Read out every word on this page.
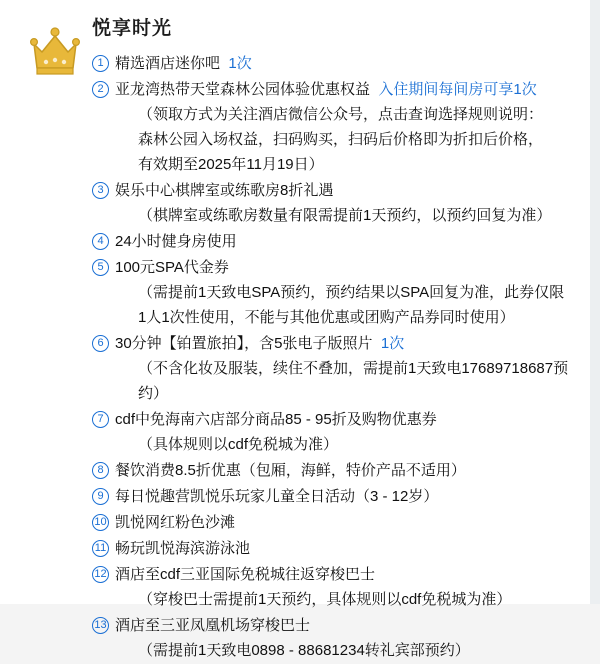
悦享时光
1 精选酒店迷你吧  1次
2 亚龙湾热带天堂森林公园体验优惠权益  入住期间每间房可享1次
（领取方式为关注酒店微信公众号，点击查询选择规则说明：
森林公园入场权益，扫码购买，扫码后价格即为折扣后价格，
有效期至2025年11月19日）
3 娱乐中心棋牌室或练歌房8折礼遇
（棋牌室或练歌房数量有限需提前1天预约，以预约回复为准）
4 24小时健身房使用
5 100元SPA代金券
（需提前1天致电SPA预约，预约结果以SPA回复为准，此券仅限
1人1次性使用，不能与其他优惠或团购产品券同时使用）
6 30分钟【铂置旅拍】，含5张电子版照片  1次
（不含化妆及服装，续住不叠加，需提前1天致电17689718687预约）
7 cdf中免海南六店部分商品85 - 95折及购物优惠券
（具体规则以cdf免税城为准）
8 餐饮消费8.5折优惠（包厢，海鲜，特价产品不适用）
9 每日悦趣营凯悦乐玩家儿童全日活动（3 - 12岁）
10 凯悦网红粉色沙滩
11 畅玩凯悦海滨游泳池
12 酒店至cdf三亚国际免税城往返穿梭巴士
（穿梭巴士需提前1天预约，具体规则以cdf免税城为准）
13 酒店至三亚凤凰机场穿梭巴士
（需提前1天致电0898 - 88681234转礼宾部预约）
